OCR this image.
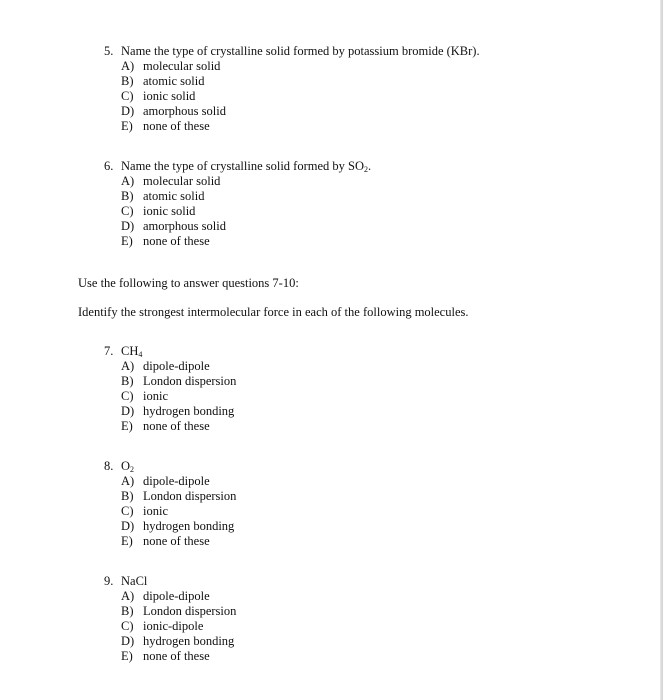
5. Name the type of crystalline solid formed by potassium bromide (KBr).
A) molecular solid
B) atomic solid
C) ionic solid
D) amorphous solid
E) none of these
6. Name the type of crystalline solid formed by $SO_2$.
A) molecular solid
B) atomic solid
C) ionic solid
D) amorphous solid
E) none of these
Use the following to answer questions 7-10:
Identify the strongest intermolecular force in each of the following molecules.
7. $CH_4$
A) dipole-dipole
B) London dispersion
C) ionic
D) hydrogen bonding
E) none of these
8. $O_2$
A) dipole-dipole
B) London dispersion
C) ionic
D) hydrogen bonding
E) none of these
9. NaCl
A) dipole-dipole
B) London dispersion
C) ionic-dipole
D) hydrogen bonding
E) none of these
